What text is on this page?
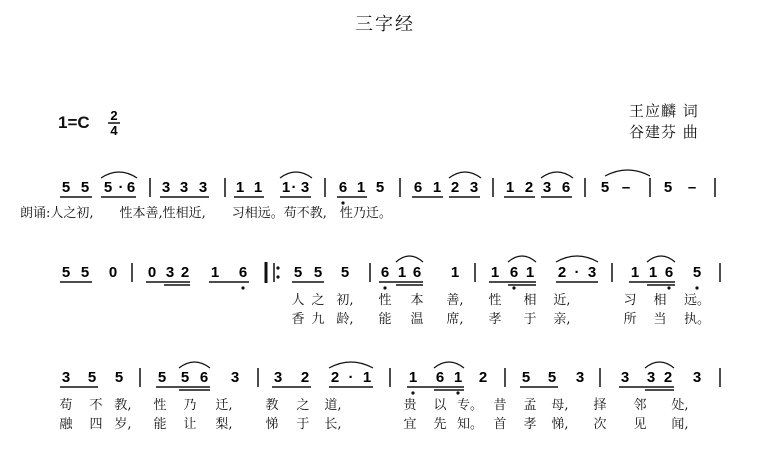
三字经
1=C 2
4
王应麟 词
谷建芬 曲
5 5 5 · 6 3 3 3 1 1 1 · 3 6 1 5 6 1 2 3 1 2 3 6 5 – 5 –
5 5 0 0 3 2 1 6	5 5 5 6 1 6 1 1 6 1 2 · 3 1 1 6 5
3 5 5 5 5 6 3 3 2 2 · 1	1 6 1 2 5 5 3 3 3 2 3
朗诵:人之初,　　性本善,性相近,　　习相远。苟不教,　性乃迁。
人 之 初, 性 本 善, 性 相 近,	习 相 远。
香 九 龄, 能 温 席, 孝 于 亲,	所 当 执。
苟 不 教, 性 乃 迁,	教 之 道,	贵 以 专。 昔 孟 母, 择 邻 处,
融 四 岁, 能 让 梨,	悌 于 长,	宜 先 知。 首 孝 悌, 次 见 闻,
